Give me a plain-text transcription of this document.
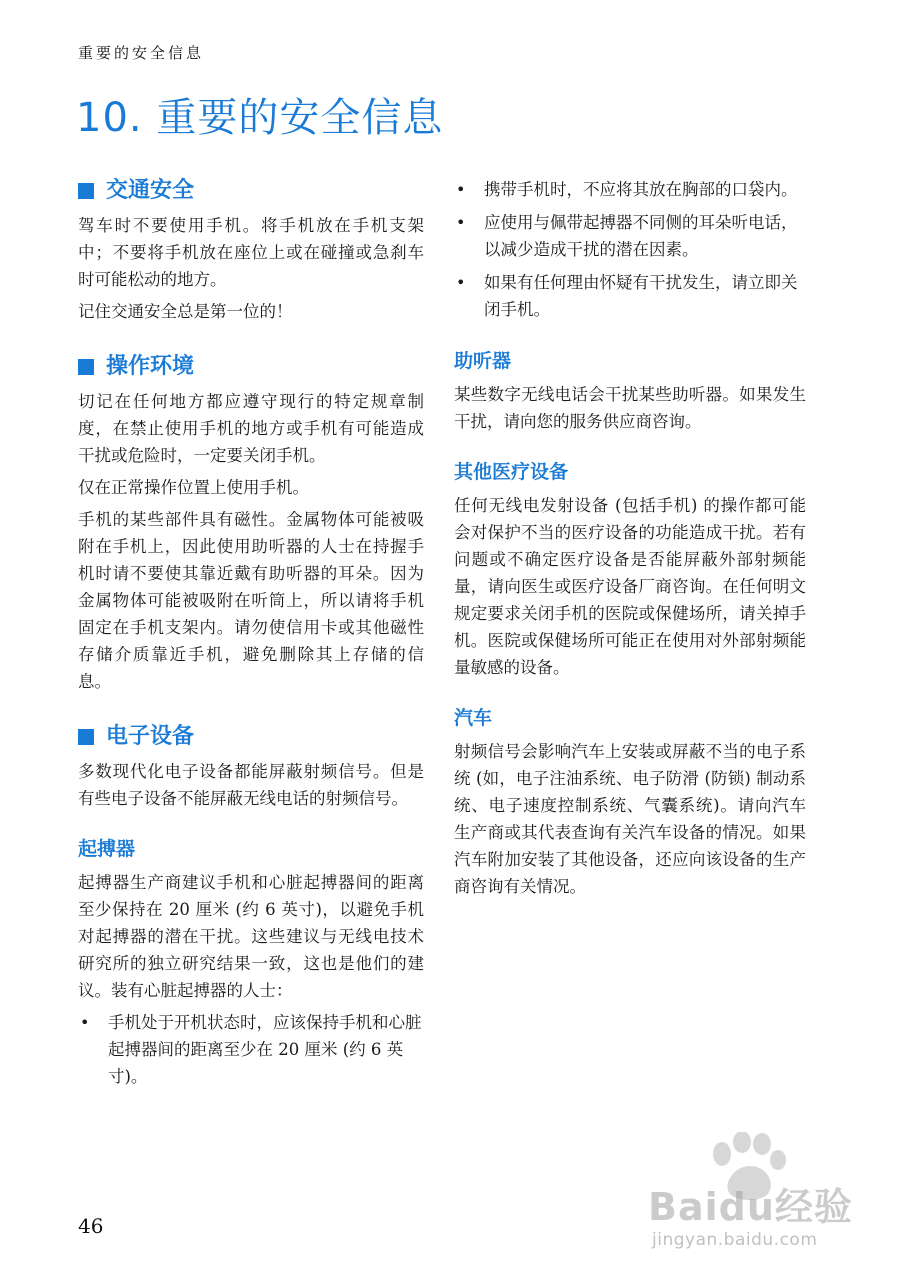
重要的安全信息
10. 重要的安全信息
交通安全

驾车时不要使用手机。将手机放在手机支架中；不要将手机放在座位上或在碰撞或急刹车时可能松动的地方。

记住交通安全总是第一位的！

操作环境

切记在任何地方都应遵守现行的特定规章制度，在禁止使用手机的地方或手机有可能造成干扰或危险时，一定要关闭手机。

仅在正常操作位置上使用手机。

手机的某些部件具有磁性。金属物体可能被吸附在手机上，因此使用助听器的人士在持握手机时请不要使其靠近戴有助听器的耳朵。因为金属物体可能被吸附在听筒上，所以请将手机固定在手机支架内。请勿使信用卡或其他磁性存储介质靠近手机，避免删除其上存储的信息。

电子设备

多数现代化电子设备都能屏蔽射频信号。但是有些电子设备不能屏蔽无线电话的射频信号。

起搏器

起搏器生产商建议手机和心脏起搏器间的距离至少保持在 20 厘米 (约 6 英寸)，以避免手机对起搏器的潜在干扰。这些建议与无线电技术研究所的独立研究结果一致，这也是他们的建议。装有心脏起搏器的人士：

• 手机处于开机状态时，应该保持手机和心脏起搏器间的距离至少在 20 厘米 (约 6 英寸)。
• 携带手机时，不应将其放在胸部的口袋内。
• 应使用与佩带起搏器不同侧的耳朵听电话，以减少造成干扰的潜在因素。
• 如果有任何理由怀疑有干扰发生，请立即关闭手机。
助听器

某些数字无线电话会干扰某些助听器。如果发生干扰，请向您的服务供应商咨询。

其他医疗设备

任何无线电发射设备 (包括手机) 的操作都可能会对保护不当的医疗设备的功能造成干扰。若有问题或不确定医疗设备是否能屏蔽外部射频能量，请向医生或医疗设备厂商咨询。在任何明文规定要求关闭手机的医院或保健场所，请关掉手机。医院或保健场所可能正在使用对外部射频能量敏感的设备。

汽车

射频信号会影响汽车上安装或屏蔽不当的电子系统 (如，电子注油系统、电子防滑 (防锁) 制动系统、电子速度控制系统、气囊系统)。请向汽车生产商或其代表查询有关汽车设备的情况。如果汽车附加安装了其他设备，还应向该设备的生产商咨询有关情况。

46	Baidu经验
jingyan.baidu.com
